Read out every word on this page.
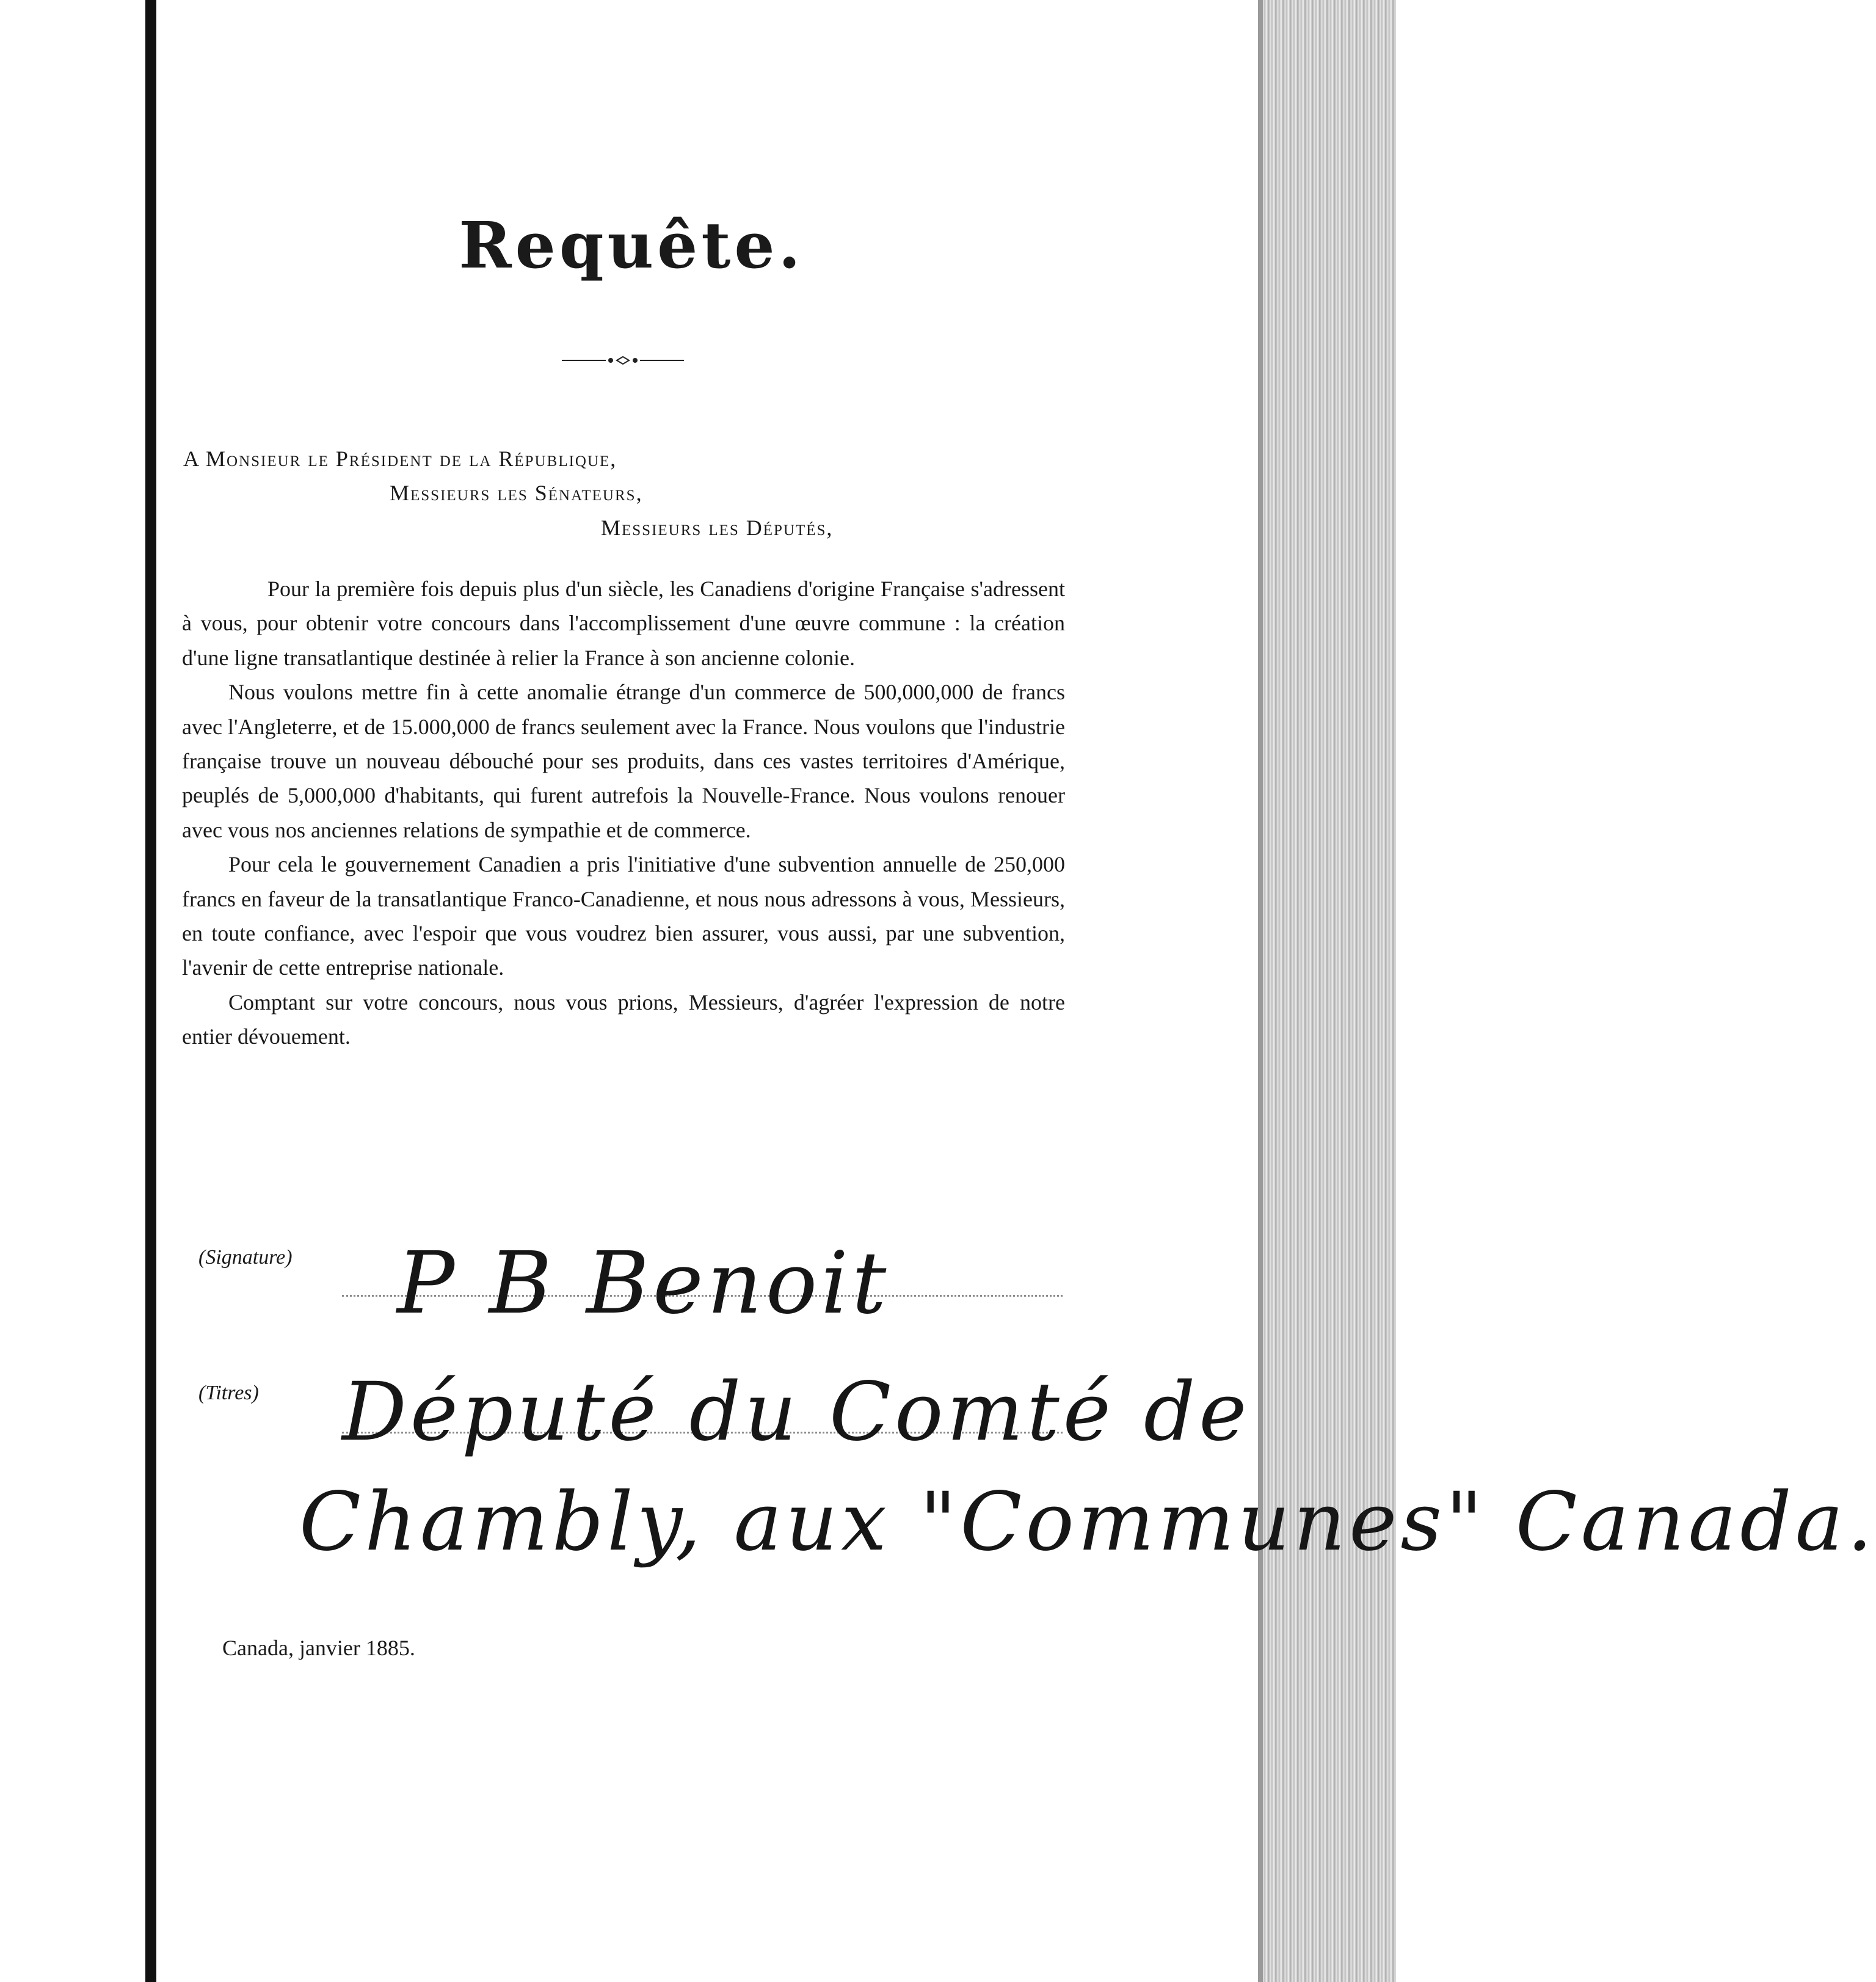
Requête.
A Monsieur le Président de la République,
Messieurs les Sénateurs,
Messieurs les Députés,

Pour la première fois depuis plus d'un siècle, les Canadiens d'origine Française s'adressent à vous, pour obtenir votre concours dans l'accomplissement d'une œuvre commune : la création d'une ligne transatlantique destinée à relier la France à son ancienne colonie.

Nous voulons mettre fin à cette anomalie étrange d'un commerce de 500,000,000 de francs avec l'Angleterre, et de 15.000,000 de francs seulement avec la France. Nous voulons que l'industrie française trouve un nouveau débouché pour ses produits, dans ces vastes territoires d'Amérique, peuplés de 5,000,000 d'habitants, qui furent autrefois la Nouvelle-France. Nous voulons renouer avec vous nos anciennes relations de sympathie et de commerce.

Pour cela le gouvernement Canadien a pris l'initiative d'une subvention annuelle de 250,000 francs en faveur de la transatlantique Franco-Canadienne, et nous nous adressons à vous, Messieurs, en toute confiance, avec l'espoir que vous voudrez bien assurer, vous aussi, par une subvention, l'avenir de cette entreprise nationale.

Comptant sur votre concours, nous vous prions, Messieurs, d'agréer l'expression de notre entier dévouement.

(Signature) P B Benoit
(Titres) Député du Comté de
Chambly, aux "Communes" Canada.
Canada, janvier 1885.
